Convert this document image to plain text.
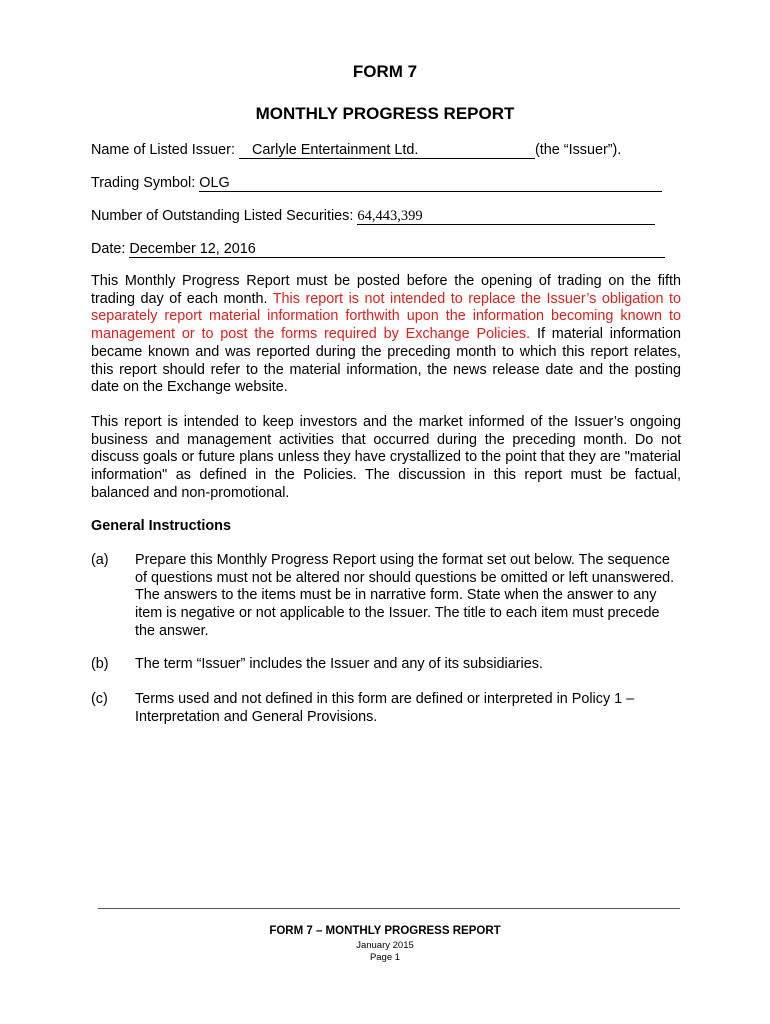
FORM 7
MONTHLY PROGRESS REPORT
Name of Listed Issuer: Carlyle Entertainment Ltd.	(the “Issuer”).
Trading Symbol: OLG
Number of Outstanding Listed Securities: 64,443,399
Date: December 12, 2016

This Monthly Progress Report must be posted before the opening of trading on the fifth trading day of each month. This report is not intended to replace the Issuer’s obligation to separately report material information forthwith upon the information becoming known to management or to post the forms required by Exchange Policies. If material information became known and was reported during the preceding month to which this report relates, this report should refer to the material information, the news release date and the posting date on the Exchange website.

This report is intended to keep investors and the market informed of the Issuer’s ongoing business and management activities that occurred during the preceding month. Do not discuss goals or future plans unless they have crystallized to the point that they are "material information" as defined in the Policies. The discussion in this report must be factual, balanced and non-promotional.

General Instructions
(a) Prepare this Monthly Progress Report using the format set out below. The sequence of questions must not be altered nor should questions be omitted or left unanswered. The answers to the items must be in narrative form. State when the answer to any item is negative or not applicable to the Issuer. The title to each item must precede the answer.
(b) The term “Issuer” includes the Issuer and any of its subsidiaries.
(c) Terms used and not defined in this form are defined or interpreted in Policy 1 – Interpretation and General Provisions.
FORM 7 – MONTHLY PROGRESS REPORT
January 2015
Page 1
